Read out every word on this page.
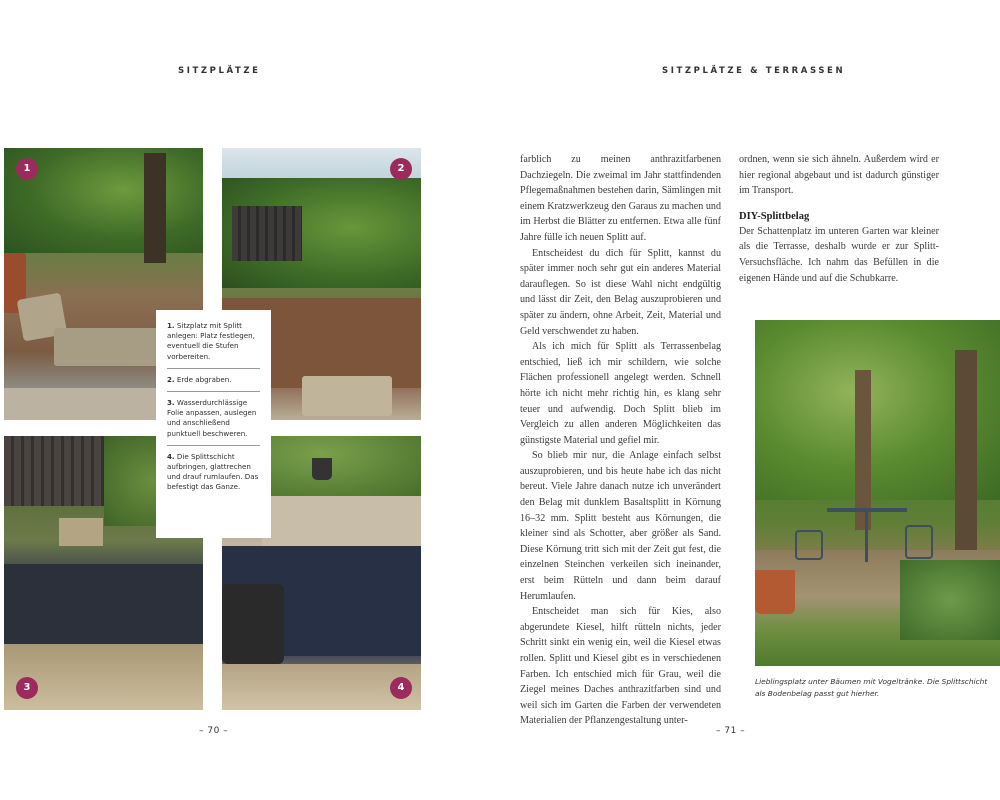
SITZPLÄTZE	SITZPLÄTZE & TERRASSEN
1	2
3	4
1. Sitzplatz mit Splitt anlegen: Platz festlegen, eventuell die Stufen vorbereiten.
2. Erde abgraben.
3. Wasserdurchlässige Folie anpassen, auslegen und anschließend punktuell beschweren.
4. Die Splittschicht aufbringen, glattrechen und drauf rumlaufen. Das befestigt das Ganze.

farblich zu meinen anthrazitfarbenen Dachziegeln. Die zweimal im Jahr stattfindenden Pflegemaßnahmen bestehen darin, Sämlingen mit einem Kratzwerkzeug den Garaus zu machen und im Herbst die Blätter zu entfernen. Etwa alle fünf Jahre fülle ich neuen Splitt auf.

Entscheidest du dich für Splitt, kannst du später immer noch sehr gut ein anderes Material darauflegen. So ist diese Wahl nicht endgültig und lässt dir Zeit, den Belag auszuprobieren und später zu ändern, ohne Arbeit, Zeit, Material und Geld verschwendet zu haben.

Als ich mich für Splitt als Terrassenbelag entschied, ließ ich mir schildern, wie solche Flächen professionell angelegt werden. Schnell hörte ich nicht mehr richtig hin, es klang sehr teuer und aufwendig. Doch Splitt blieb im Vergleich zu allen anderen Möglichkeiten das günstigste Material und gefiel mir.

So blieb mir nur, die Anlage einfach selbst auszuprobieren, und bis heute habe ich das nicht bereut. Viele Jahre danach nutze ich unverändert den Belag mit dunklem Basaltsplitt in Körnung 16–32 mm. Splitt besteht aus Körnungen, die kleiner sind als Schotter, aber größer als Sand. Diese Körnung tritt sich mit der Zeit gut fest, die einzelnen Steinchen verkeilen sich ineinander, erst beim Rütteln und dann beim darauf Herumlaufen.

Entscheidet man sich für Kies, also abgerundete Kiesel, hilft rütteln nichts, jeder Schritt sinkt ein wenig ein, weil die Kiesel etwas rollen. Splitt und Kiesel gibt es in verschiedenen Farben. Ich entschied mich für Grau, weil die Ziegel meines Daches anthrazitfarben sind und weil sich im Garten die Farben der verwendeten Materialien der Pflanzengestaltung unter-

ordnen, wenn sie sich ähneln. Außerdem wird er hier regional abgebaut und ist dadurch günstiger im Transport.

DIY-Splittbelag

Der Schattenplatz im unteren Garten war kleiner als die Terrasse, deshalb wurde er zur Splitt-Versuchsfläche. Ich nahm das Befüllen in die eigenen Hände und auf die Schubkarre.

Lieblingsplatz unter Bäumen mit Vogeltränke. Die Splittschicht als Bodenbelag passt gut hierher.
– 70 –	– 71 –
